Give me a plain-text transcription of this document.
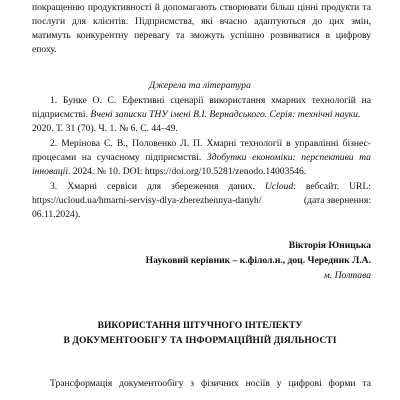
покращенню продуктивності й допомагають створювати більш цінні продукти та
послуги для клієнтів. Підприємства, які вчасно адаптуються до цих змін,
матимуть конкурентну перевагу та зможуть успішно розвиватися в цифрову
епоху.
Джерела та література
1. Бунке О. С. Ефективні сценарії використання хмарних технологій на
підприємстві. Вчені записки ТНУ імені В.І. Вернадського. Серія: технічні науки.
2020. Т. 31 (70). Ч. 1. № 6. С. 44–49.
2. Мерінова С. В., Половенко Л. П. Хмарні технології в управлінні бізнес-
процесами на сучасному підприємстві. Здобутки економіки: перспективи та
інновації. 2024. № 10. DOI: https://doi.org/10.5281/zenodo.14003546.
3. Хмарні сервіси для збереження даних. Ucloud: вебсайт. URL:
https://ucloud.ua/hmarni-servisy-dlya-zberezhennya-danyh/	(дата звернення:
06.11.2024).
Вікторія Юницька
Науковий керівник – к.філол.н., доц. Чередник Л.А.
м. Полтава
ВИКОРИСТАННЯ ШТУЧНОГО ІНТЕЛЕКТУ
В ДОКУМЕНТООБІГУ ТА ІНФОРМАЦІЙНІЙ ДІЯЛЬНОСТІ
Трансформація документообігу з фізичних носіїв у цифрові форми та
